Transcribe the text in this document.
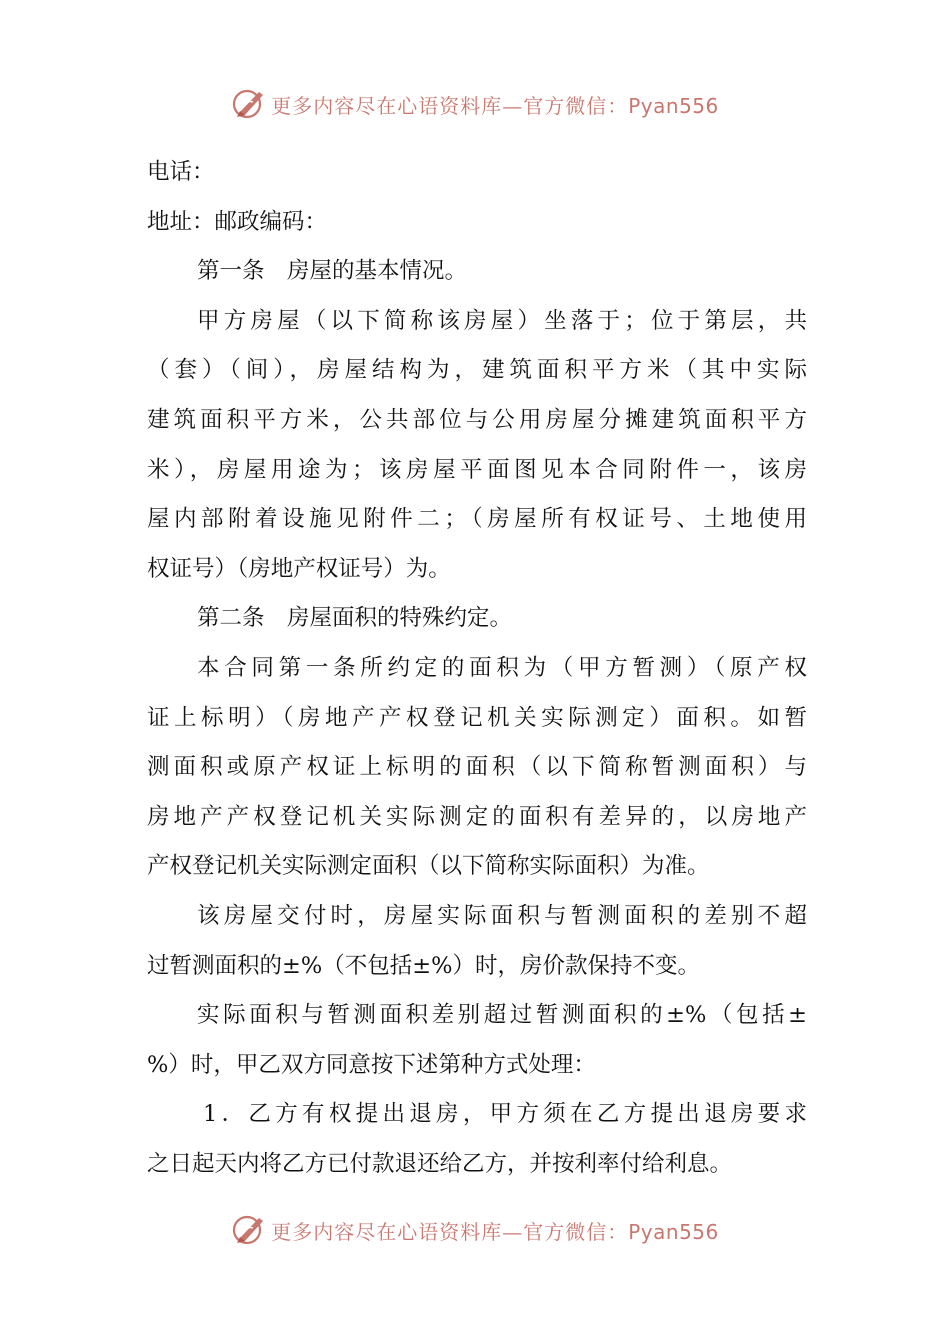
更多内容尽在心语资料库—官方微信：Pyan556
电话：
地址：邮政编码：
第一条　房屋的基本情况。
甲方房屋（以下简称该房屋）坐落于；位于第层，共
（套）（间），房屋结构为，建筑面积平方米（其中实际
建筑面积平方米，公共部位与公用房屋分摊建筑面积平方
米），房屋用途为；该房屋平面图见本合同附件一，该房
屋内部附着设施见附件二；（房屋所有权证号、土地使用
权证号）（房地产权证号）为。
第二条　房屋面积的特殊约定。
本合同第一条所约定的面积为（甲方暂测）（原产权
证上标明）（房地产产权登记机关实际测定）面积。如暂
测面积或原产权证上标明的面积（以下简称暂测面积）与
房地产产权登记机关实际测定的面积有差异的，以房地产
产权登记机关实际测定面积（以下简称实际面积）为准。
该房屋交付时，房屋实际面积与暂测面积的差别不超
过暂测面积的±%（不包括±%）时，房价款保持不变。
实际面积与暂测面积差别超过暂测面积的±%（包括±
%）时，甲乙双方同意按下述第种方式处理：
1．乙方有权提出退房，甲方须在乙方提出退房要求
之日起天内将乙方已付款退还给乙方，并按利率付给利息。
更多内容尽在心语资料库—官方微信：Pyan556
